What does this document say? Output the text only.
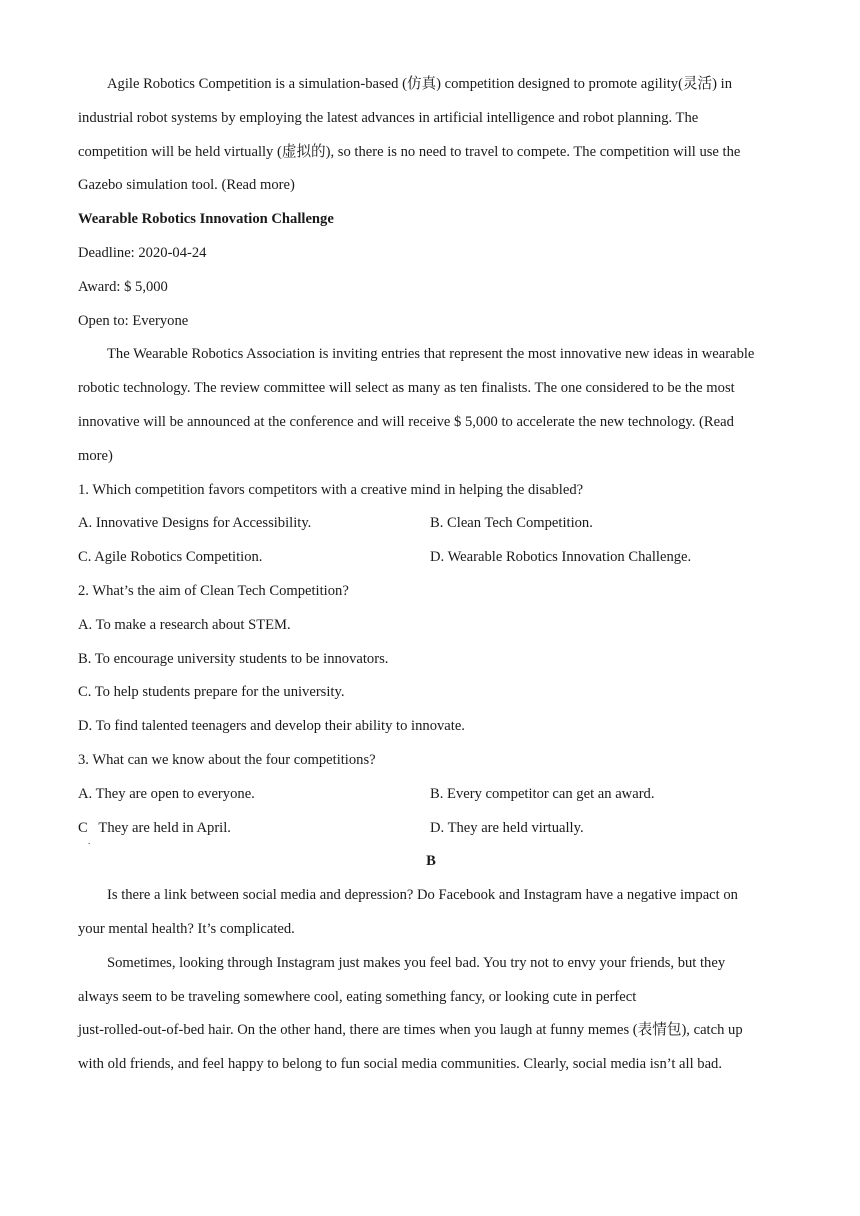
Agile Robotics Competition is a simulation-based (仿真) competition designed to promote agility(灵活) in
industrial robot systems by employing the latest advances in artificial intelligence and robot planning. The
competition will be held virtually (虚拟的), so there is no need to travel to compete. The competition will use the
Gazebo simulation tool. (Read more)
Wearable Robotics Innovation Challenge
Deadline: 2020-04-24
Award: $ 5,000
Open to: Everyone
The Wearable Robotics Association is inviting entries that represent the most innovative new ideas in wearable
robotic technology. The review committee will select as many as ten finalists. The one considered to be the most
innovative will be announced at the conference and will receive $ 5,000 to accelerate the new technology. (Read
more)
1. Which competition favors competitors with a creative mind in helping the disabled?
A. Innovative Designs for Accessibility.	B. Clean Tech Competition.
C. Agile Robotics Competition.	D. Wearable Robotics Innovation Challenge.
2. What’s the aim of Clean Tech Competition?
A. To make a research about STEM.
B. To encourage university students to be innovators.
C. To help students prepare for the university.
D. To find talented teenagers and develop their ability to innovate.
3. What can we know about the four competitions?
A. They are open to everyone.	B. Every competitor can get an award.
C   They are held in April.	D. They are held virtually.
B
Is there a link between social media and depression? Do Facebook and Instagram have a negative impact on
your mental health? It’s complicated.
Sometimes, looking through Instagram just makes you feel bad. You try not to envy your friends, but they
always seem to be traveling somewhere cool, eating something fancy, or looking cute in perfect
just-rolled-out-of-bed hair. On the other hand, there are times when you laugh at funny memes (表情包), catch up
with old friends, and feel happy to belong to fun social media communities. Clearly, social media isn’t all bad.
.
